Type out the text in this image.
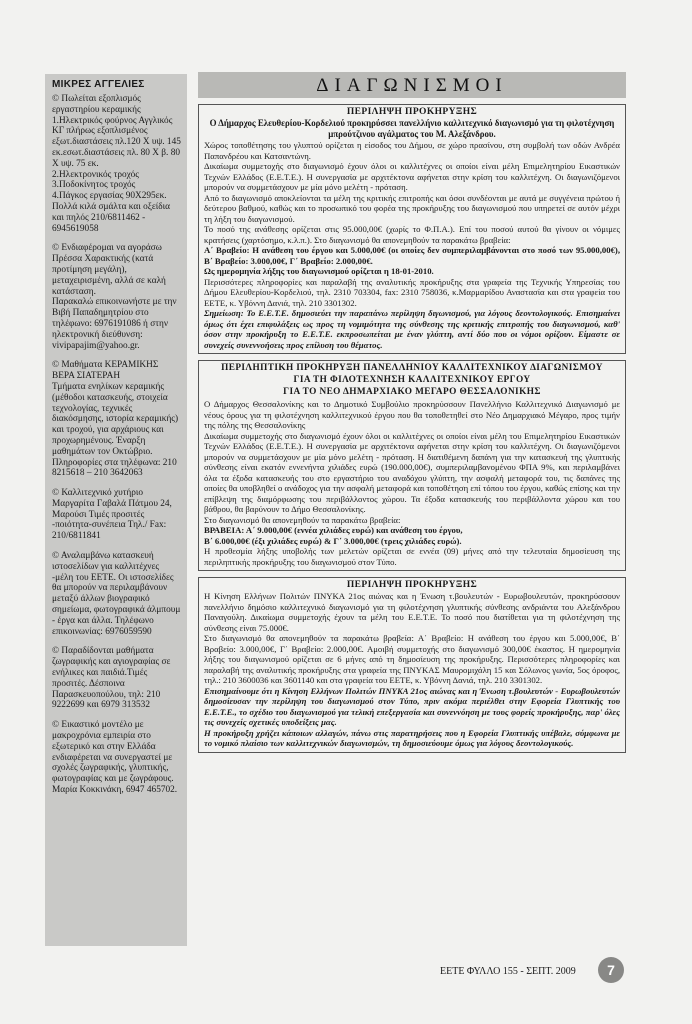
ΜΙΚΡΕΣ ΑΓΓΕΛΙΕΣ

© Πωλείται εξοπλισμός εργαστηρίου κεραμικής

1.Ηλεκτρικός φούρνος Αγγλικός ΚΓ πλήρως εξοπλισμένος εξωτ.διαστάσεις πλ.120 Χ υψ. 145 εκ.εσωτ.διαστάσεις πλ. 80 Χ β. 80 Χ υψ. 75 εκ.

2.Ηλεκτρονικός τροχός

3.Ποδοκίνητος τροχός

4.Πάγκος εργασίας 90Χ295εκ. Πολλά κιλά σμάλτα και οξείδια και πηλός 210/6811462 - 6945619058

© Ενδιαφέρομαι να αγοράσω Πρέσσα Χαρακτικής (κατά προτίμηση μεγάλη), μεταχειρισμένη, αλλά σε καλή κατάσταση.

Παρακαλώ επικοινωνήστε με την Βιβή Παπαδημητρίου στο τηλέφωνο: 6976191086 ή στην ηλεκτρονική διεύθυνση:

vivipapajim@yahoo.gr.

© Μαθήματα ΚΕΡΑΜΙΚΗΣ ΒΕΡΑ ΣΙΑΤΕΡΑΗ

Τμήματα ενηλίκων κεραμικής (μέθοδοι κατασκευής, στοιχεία τεχνολογίας, τεχνικές διακόσμησης, ιστορία κεραμικής) και τροχού, για αρχάριους και προχωρημένους. Έναρξη μαθημάτων τον Οκτώβριο.

Πληροφορίες στα τηλέφωνα: 210 8215618 – 210 3642063

© Καλλιτεχνικό χυτήριο Μαργαρίτα Γαβαλά Πάτμου 24, Μαρούσι Τιμές προσιτές -ποιότητα-συνέπεια Τηλ./ Fax: 210/6811841

© Αναλαμβάνω κατασκευή ιστοσελίδων για καλλιτέχνες -μέλη του ΕΕΤΕ. Οι ιστοσελίδες θα μπορούν να περιλαμβάνουν μεταξύ άλλων βιογραφικό σημείωμα, φωτογραφικά άλμπουμ - έργα και άλλα. Τηλέφωνο επικοινωνίας: 6976059590

© Παραδίδονται μαθήματα ζωγραφικής και αγιογραφίας σε ενήλικες και παιδιά.Τιμές προσιτές. Δέσποινα Παρασκευοπούλου, τηλ: 210 9222699 και 6979 313532

© Εικαστικό μοντέλο με μακροχρόνια εμπειρία στο εξωτερικό και στην Ελλάδα ενδιαφέρεται να συνεργαστεί με σχολές ζωγραφικής, γλυπτικής, φωτογραφίας και με ζωγράφους. Μαρία Κοκκινάκη, 6947 465702.

ΔΙΑΓΩΝΙΣΜΟΙ
ΠΕΡΙΛΗΨΗ ΠΡΟΚΗΡΥΞΗΣ
Ο Δήμαρχος Ελευθερίου-Κορδελιού προκηρύσσει πανελλήνιο καλλιτεχνικό διαγωνισμό για τη φιλοτέχνηση μπρούτζινου αγάλματος του Μ. Αλεξάνδρου.

Χώρος τοποθέτησης του γλυπτού ορίζεται η είσοδος του Δήμου, σε χώρο πρασίνου, στη συμβολή των οδών Ανδρέα Παπανδρέου και Κατσαντώνη.

Δικαίωμα συμμετοχής στο διαγωνισμό έχουν όλοι οι καλλιτέχνες οι οποίοι είναι μέλη Επιμελητηρίου Εικαστικών Τεχνών Ελλάδος (Ε.Ε.Τ.Ε.). Η συνεργασία με αρχιτέκτονα αφήνεται στην κρίση του καλλιτέχνη. Οι διαγωνιζόμενοι μπορούν να συμμετάσχουν με μία μόνο μελέτη - πρόταση.

Από το διαγωνισμό αποκλείονται τα μέλη της κριτικής επιτροπής και όσοι συνδέονται με αυτά με συγγένεια πρώτου ή δεύτερου βαθμού, καθώς και το προσωπικό του φορέα της προκήρυξης του διαγωνισμού που υπηρετεί σε αυτόν μέχρι τη λήξη του διαγωνισμού.

Το ποσό της ανάθεσης ορίζεται στις 95.000,00€ (χωρίς το Φ.Π.Α.). Επί του ποσού αυτού θα γίνουν οι νόμιμες κρατήσεις (χαρτόσημο, κ.λ.π.). Στο διαγωνισμό θα απονεμηθούν τα παρακάτω βραβεία:

Α΄ Βραβείο: Η ανάθεση του έργου και 5.000,00€ (οι οποίες δεν συμπεριλαμβάνονται στο ποσό των 95.000,00€), Β΄ Βραβείο: 3.000,00€, Γ΄ Βραβείο: 2.000,00€.

Ως ημερομηνία λήξης του διαγωνισμού ορίζεται η 18-01-2010.

Περισσότερες πληροφορίες και παραλαβή της αναλυτικής προκήρυξης στα γραφεία της Τεχνικής Υπηρεσίας του Δήμου Ελευθερίου-Κορδελιού, τηλ. 2310 703304, fax: 2310 758036, κ.Μαρμαρίδου Αναστασία και στα γραφεία του ΕΕΤΕ, κ. Υβόννη Δανιά, τηλ. 210 3301302.

Σημείωση: Το Ε.Ε.Τ.Ε. δημοσιεύει την παραπάνω περίληψη διγωνισμού, για λόγους δεοντολογικούς. Επισημαίνει όμως ότι έχει επιφυλάξεις ως προς τη νομιμότητα της σύνθεσης της κριτικής επιτροπής του διαγωνισμού, καθ' όσον στην προκήρυξη το Ε.Ε.Τ.Ε. εκπροσωπείται με έναν γλύπτη, αντί δύο που οι νόμοι ορίζουν. Είμαστε σε συνεχείς συνεννοήσεις προς επίλυση του θέματος.

ΠΕΡΙΛΗΠΤΙΚΗ ΠΡΟΚΗΡΥΞΗ ΠΑΝΕΛΛΗΝΙΟΥ ΚΑΛΛΙΤΕΧΝΙΚΟΥ ΔΙΑΓΩΝΙΣΜΟΥ
ΓΙΑ ΤΗ ΦΙΛΟΤΕΧΝΗΣΗ ΚΑΛΛΙΤΕΧΝΙΚΟΥ ΕΡΓΟΥ
ΓΙΑ ΤΟ ΝΕΟ ΔΗΜΑΡΧΙΑΚΟ ΜΕΓΑΡΟ ΘΕΣΣΑΛΟΝΙΚΗΣ

Ο Δήμαρχος Θεσσαλονίκης και το Δημοτικό Συμβούλιο προκηρύσσουν Πανελλήνιο Καλλιτεχνικό Διαγωνισμό με νέους όρους για τη φιλοτέχνηση καλλιτεχνικού έργου που θα τοποθετηθεί στο Νέο Δημαρχιακό Μέγαρο, προς τιμήν της πόλης της Θεσσαλονίκης

Δικαίωμα συμμετοχής στο διαγωνισμό έχουν όλοι οι καλλιτέχνες οι οποίοι είναι μέλη του Επιμελητηρίου Εικαστικών Τεχνών Ελλάδος (Ε.Ε.Τ.Ε.). Η συνεργασία με αρχιτέκτονα αφήνεται στην κρίση του καλλιτέχνη. Οι διαγωνιζόμενοι μπορούν να συμμετάσχουν με μία μόνο μελέτη - πρόταση. Η διατιθέμενη δαπάνη για την κατασκευή της γλυπτικής σύνθεσης είναι εκατόν εννενήντα χιλιάδες ευρώ (190.000,00€), συμπεριλαμβανομένου ΦΠΑ 9%, και περιλαμβάνει όλα τα έξοδα κατασκευής του στο εργαστήριο του αναδόχου γλύπτη, την ασφαλή μεταφορά του, τις δαπάνες της οποίες θα υποβληθεί ο ανάδοχος για την ασφαλή μεταφορά και τοποθέτηση επί τόπου του έργου, καθώς επίσης και την επίβλεψη της διαμόρφωσης του περιβάλλοντος χώρου. Τα έξοδα κατασκευής του περιβάλλοντα χώρου και του βάθρου, θα βαρύνουν το Δήμο Θεσσαλονίκης.

Στο διαγωνισμό θα απονεμηθούν τα παρακάτω βραβεία:

ΒΡΑΒΕΙΑ: Α΄ 9.000,00€ (εννέα χιλιάδες ευρώ) και ανάθεση του έργου,

Β΄ 6.000,00€ (έξι χιλιάδες ευρώ) & Γ΄ 3.000,00€ (τρεις χιλιάδες ευρώ).

Η προθεσμία λήξης υποβολής των μελετών ορίζεται σε εννέα (09) μήνες από την τελευταία δημοσίευση της περιληπτικής προκήρυξης του διαγωνισμού στον Τύπο.

ΠΕΡΙΛΗΨΗ ΠΡΟΚΗΡΥΞΗΣ

Η Κίνηση Ελλήνων Πολιτών ΠΝΥΚΑ 21ος αιώνας και η Ένωση τ.βουλευτών - Ευρωβουλευτών, προκηρύσσουν πανελλήνιο δημόσιο καλλιτεχνικό διαγωνισμό για τη φιλοτέχνηση γλυπτικής σύνθεσης ανδριάντα του Αλεξάνδρου Παναγούλη. Δικαίωμα συμμετοχής έχουν τα μέλη του Ε.Ε.Τ.Ε. Το ποσό που διατίθεται για τη φιλοτέχνηση της σύνθεσης είναι 75.000€.

Στο διαγωνισμό θα απονεμηθούν τα παρακάτω βραβεία: Α΄ Βραβείο: Η ανάθεση του έργου και 5.000,00€, Β΄ Βραβείο: 3.000,00€, Γ΄ Βραβείο: 2.000,00€. Αμοιβή συμμετοχής στο διαγωνισμό 300,00€ έκαστος. Η ημερομηνία λήξης του διαγωνισμού ορίζεται σε 6 μήνες από τη δημοσίευση της προκήρυξης. Περισσότερες πληροφορίες και παραλαβή της αναλυτικής προκήρυξης στα γραφεία της ΠΝΥΚΑΣ Μαυρομιχάλη 15 και Σόλωνος γωνία, 5ος όροφος, τηλ.: 210 3600036 και 3601140 και στα γραφεία του ΕΕΤΕ, κ. Υβόννη Δανιά, τηλ. 210 3301302.

Επισημαίνουμε ότι η Κίνηση Ελλήνων Πολιτών ΠΝΥΚΑ 21ος αιώνας και η Ένωση τ.βουλευτών - Ευρωβουλευτών δημοσίευσαν την περίληψη του διαγωνισμού στον Τύπο, πριν ακόμα περιέλθει στην Εφορεία Γλυπτικής του Ε.Ε.Τ.Ε., το σχέδιο του διαγωνισμού για τελική επεξεργασία και συνεννόηση με τους φορείς προκήρυξης, παρ' όλες τις συνεχείς σχετικές υποδείξεις μας.

Η προκήρυξη χρήζει κάποιων αλλαγών, πάνω στις παρατηρήσεις που η Εφορεία Γλυπτικής υπέβαλε, σύμφωνα με το νομικό πλαίσιο των καλλιτεχνικών διαγωνισμών, τη δημοσιεύουμε όμως για λόγους δεοντολογικούς.

ΕΕΤΕ ΦΥΛΛΟ 155 - ΣΕΠΤ. 2009	7
